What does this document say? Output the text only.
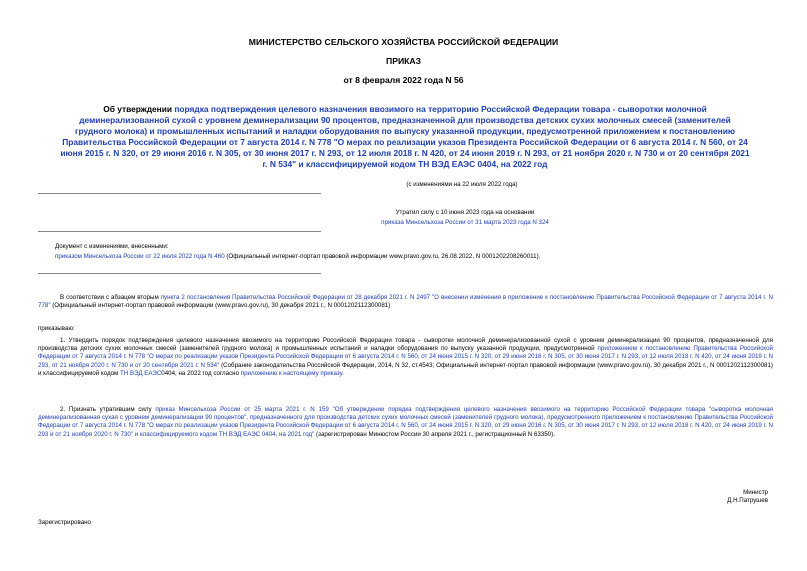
МИНИСТЕРСТВО СЕЛЬСКОГО ХОЗЯЙСТВА РОССИЙСКОЙ ФЕДЕРАЦИИ
ПРИКАЗ
от 8 февраля 2022 года N 56
Об утверждении порядка подтверждения целевого назначения ввозимого на территорию Российской Федерации товара - сыворотки молочной деминерализованной сухой с уровнем деминерализации 90 процентов, предназначенной для производства детских сухих молочных смесей (заменителей грудного молока) и промышленных испытаний и наладки оборудования по выпуску указанной продукции, предусмотренной приложением к постановлению Правительства Российской Федерации от 7 августа 2014 г. N 778 "О мерах по реализации указов Президента Российской Федерации от 6 августа 2014 г. N 560, от 24 июня 2015 г. N 320, от 29 июня 2016 г. N 305, от 30 июня 2017 г. N 293, от 12 июля 2018 г. N 420, от 24 июня 2019 г. N 293, от 21 ноября 2020 г. N 730 и от 20 сентября 2021 г. N 534" и классифицируемой кодом ТН ВЭД ЕАЭС 0404, на 2022 год
(с изменениями на 22 июля 2022 года)
Утратил силу с 10 июня 2023 года на основании
приказа Минсельхоза России от 31 марта 2023 года N 324
Документ с изменениями, внесенными:
приказом Минсельхоза России от 22 июля 2022 года N 460 (Официальный интернет-портал правовой информации www.pravo.gov.ru, 26.08.2022, N 0001202208260011).
В соответствии с абзацем вторым пункта 2 постановления Правительства Российской Федерации от 28 декабря 2021 г. N 2497 "О внесении изменения в приложение к постановлению Правительства Российской Федерации от 7 августа 2014 г. N 778" (Официальный интернет-портал правовой информации (www.pravo.gov.ru), 30 декабря 2021 г., N 0001202112300081)
приказываю:
1. Утвердить порядок подтверждения целевого назначения ввозимого на территорию Российской Федерации товара - сыворотки молочной деминерализованной сухой с уровнем деминерализации 90 процентов, предназначенной для производства детских сухих молочных смесей (заменителей грудного молока) и промышленных испытаний и наладки оборудования по выпуску указанной продукции, предусмотренной приложением к постановлению Правительства Российской Федерации от 7 августа 2014 г. N 778 "О мерах по реализации указов Президента Российской Федерации от 6 августа 2014 г. N 560, от 24 июня 2015 г. N 320, от 29 июня 2016 г. N 305, от 30 июня 2017 г. N 293, от 12 июля 2018 г. N 420, от 24 июня 2019 г. N 293, от 21 ноября 2020 г. N 730 и от 20 сентября 2021 г. N 534" (Собрание законодательства Российской Федерации, 2014, N 32, ст.4543; Официальный интернет-портал правовой информации (www.pravo.gov.ru), 30 декабря 2021 г., N 0001202112300081) и классифицируемой кодом ТН ВЭД ЕАЭС0404, на 2022 год согласно приложению к настоящему приказу.
2. Признать утратившим силу приказ Минсельхоза России от 25 марта 2021 г. N 159 "Об утверждении порядка подтверждения целевого назначения ввозимого на территорию Российской Федерации товара "сыворотка молочная деминерализованная сухая с уровнем деминерализации 90 процентов", предназначенного для производства детских сухих молочных смесей (заменителей грудного молока), предусмотренного приложением к постановлению Правительства Российской Федерации от 7 августа 2014 г. N 778 "О мерах по реализации указов Президента Российской Федерации от 6 августа 2014 г. N 560, от 24 июня 2015 г. N 320, от 29 июня 2016 г. N 305, от 30 июня 2017 г. N 293, от 12 июля 2018 г. N 420, от 24 июня 2019 г. N 293 и от 21 ноября 2020 г. N 730" и классифицируемого кодом ТН ВЭД ЕАЭС 0404, на 2021 год" (зарегистрирован Минюстом России 30 апреля 2021 г., регистрационный N 63350).
Министр
Д.Н.Патрушев
Зарегистрировано
